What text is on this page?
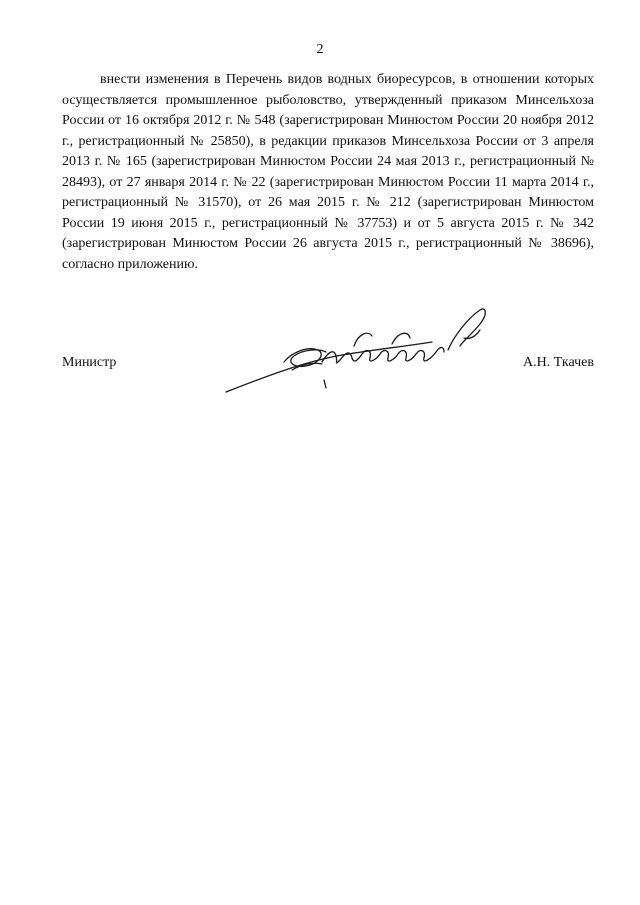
2

внести изменения в Перечень видов водных биоресурсов, в отношении которых осуществляется промышленное рыболовство, утвержденный приказом Минсельхоза России от 16 октября 2012 г. № 548 (зарегистрирован Минюстом России 20 ноября 2012 г., регистрационный № 25850), в редакции приказов Минсельхоза России от 3 апреля 2013 г. № 165 (зарегистрирован Минюстом России 24 мая 2013 г., регистрационный № 28493), от 27 января 2014 г. № 22 (зарегистрирован Минюстом России 11 марта 2014 г., регистрационный № 31570), от 26 мая 2015 г. № 212 (зарегистрирован Минюстом России 19 июня 2015 г., регистрационный № 37753) и от 5 августа 2015 г. № 342 (зарегистрирован Минюстом России 26 августа 2015 г., регистрационный № 38696), согласно приложению.

Министр	А.Н. Ткачев
